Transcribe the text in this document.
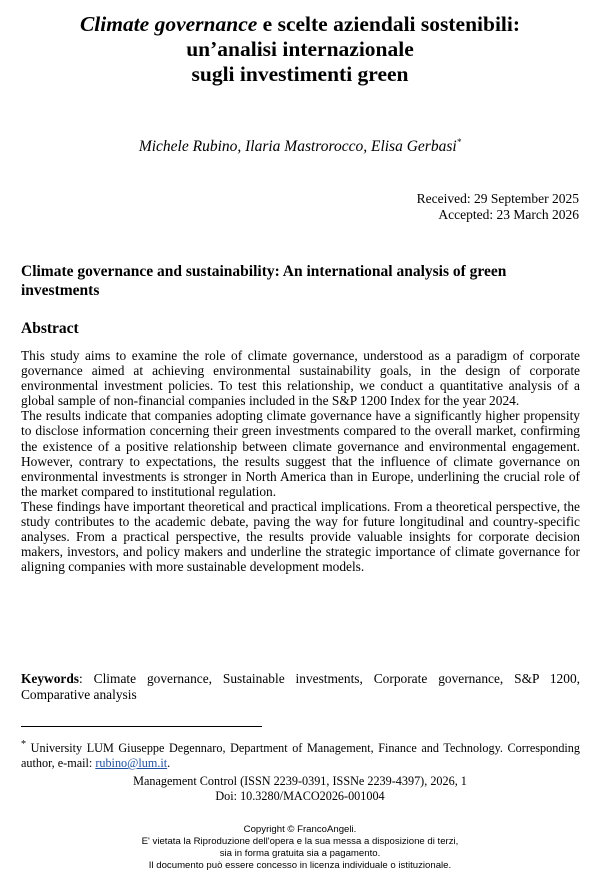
Climate governance e scelte aziendali sostenibili:
un’analisi internazionale
sugli investimenti green
Michele Rubino, Ilaria Mastrorocco, Elisa Gerbasi*
Received: 29 September 2025
Accepted: 23 March 2026
Climate governance and sustainability: An international analysis of green investments
Abstract

This study aims to examine the role of climate governance, understood as a paradigm of corporate governance aimed at achieving environmental sustainability goals, in the design of corporate environmental investment policies. To test this relationship, we conduct a quantitative analysis of a global sample of non-financial companies included in the S&P 1200 Index for the year 2024.

The results indicate that companies adopting climate governance have a significantly higher propensity to disclose information concerning their green investments compared to the overall market, confirming the existence of a positive relationship between climate governance and environmental engagement. However, contrary to expectations, the results suggest that the influence of climate governance on environmental investments is stronger in North America than in Europe, underlining the crucial role of the market compared to institutional regulation.

These findings have important theoretical and practical implications. From a theoretical perspective, the study contributes to the academic debate, paving the way for future longitudinal and country-specific analyses. From a practical perspective, the results provide valuable insights for corporate decision makers, investors, and policy makers and underline the strategic importance of climate governance for aligning companies with more sustainable development models.

Keywords: Climate governance, Sustainable investments, Corporate governance, S&P 1200, Comparative analysis
* University LUM Giuseppe Degennaro, Department of Management, Finance and Technology. Corresponding author, e-mail: rubino@lum.it.
Management Control (ISSN 2239-0391, ISSNe 2239-4397), 2026, 1
Doi: 10.3280/MACO2026-001004
Copyright © FrancoAngeli.
E' vietata la Riproduzione dell'opera e la sua messa a disposizione di terzi,
sia in forma gratuita sia a pagamento.
Il documento può essere concesso in licenza individuale o istituzionale.
